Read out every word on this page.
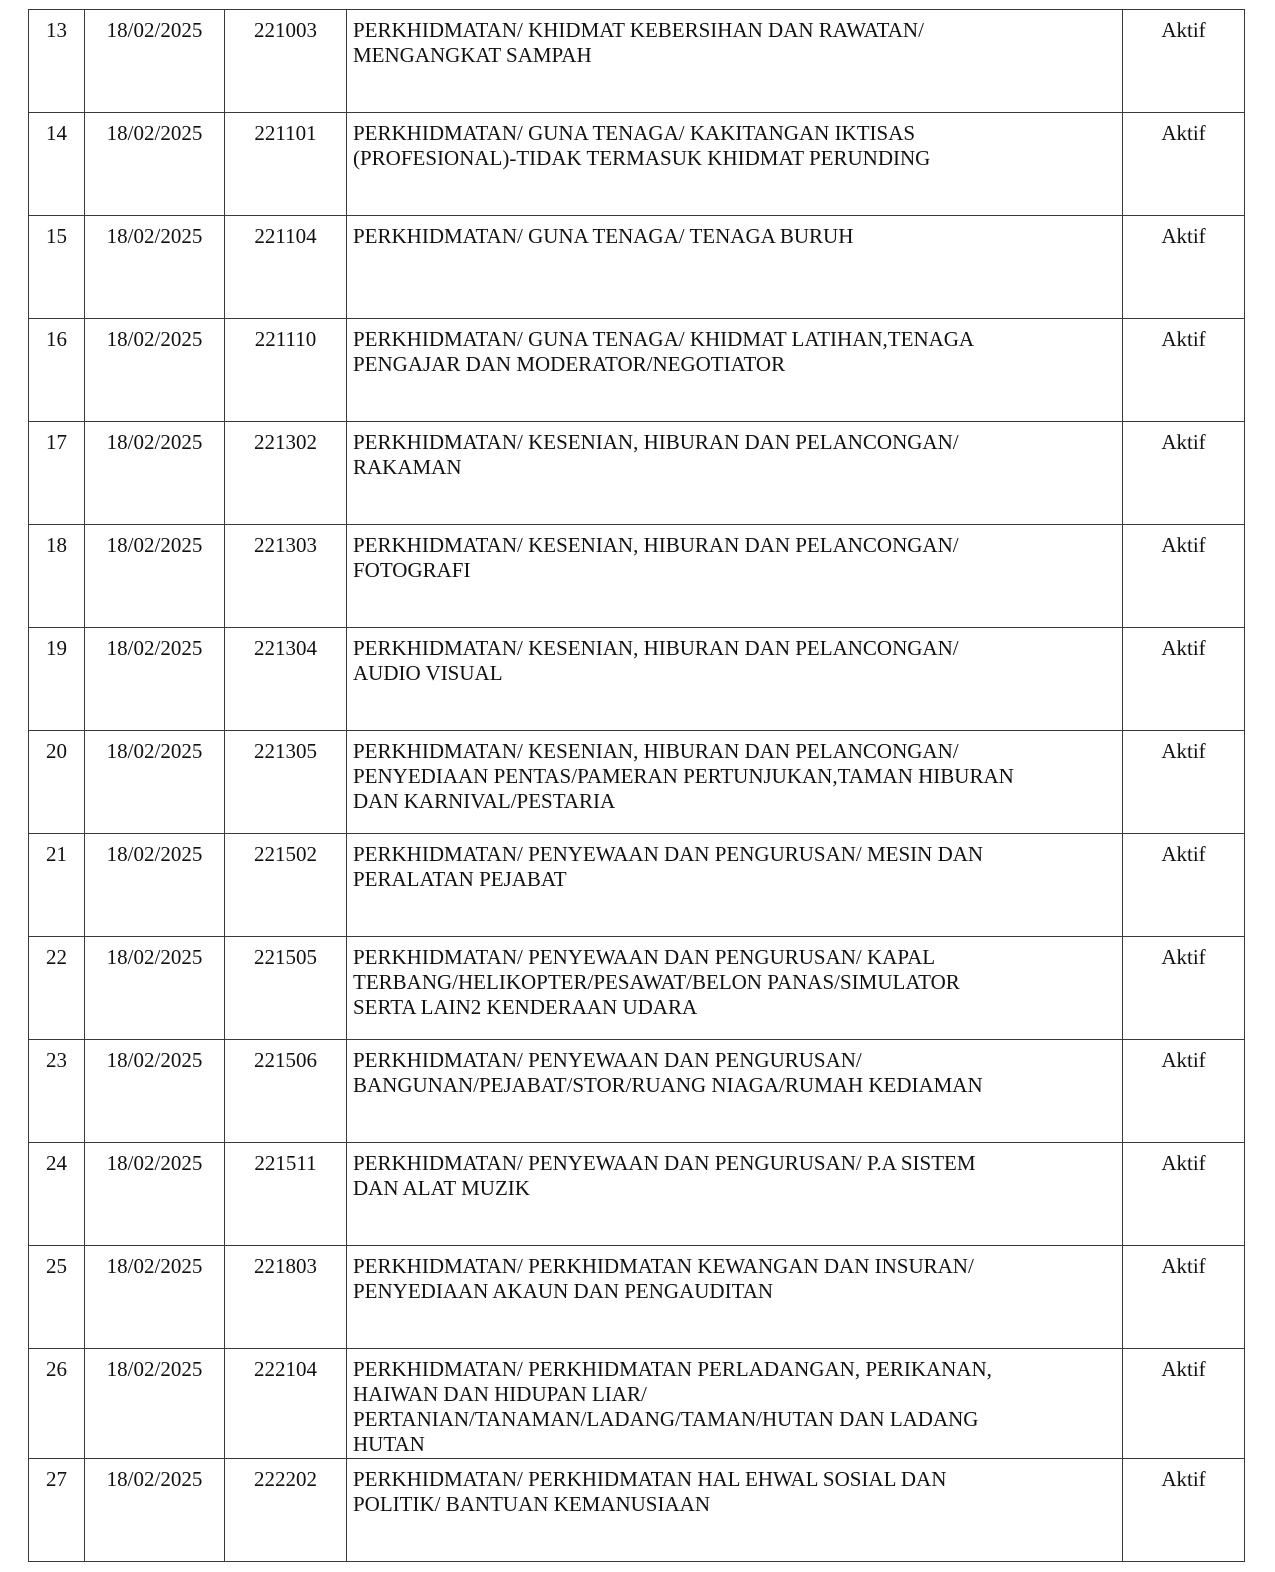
13	18/02/2025	221003	PERKHIDMATAN/ KHIDMAT KEBERSIHAN DAN RAWATAN/
MENGANGKAT SAMPAH	Aktif
14	18/02/2025	221101	PERKHIDMATAN/ GUNA TENAGA/ KAKITANGAN IKTISAS
(PROFESIONAL)-TIDAK TERMASUK KHIDMAT PERUNDING	Aktif
15	18/02/2025	221104	PERKHIDMATAN/ GUNA TENAGA/ TENAGA BURUH	Aktif
16	18/02/2025	221110	PERKHIDMATAN/ GUNA TENAGA/ KHIDMAT LATIHAN,TENAGA
PENGAJAR DAN MODERATOR/NEGOTIATOR	Aktif
17	18/02/2025	221302	PERKHIDMATAN/ KESENIAN, HIBURAN DAN PELANCONGAN/
RAKAMAN	Aktif
18	18/02/2025	221303	PERKHIDMATAN/ KESENIAN, HIBURAN DAN PELANCONGAN/
FOTOGRAFI	Aktif
19	18/02/2025	221304	PERKHIDMATAN/ KESENIAN, HIBURAN DAN PELANCONGAN/
AUDIO VISUAL	Aktif
20	18/02/2025	221305	PERKHIDMATAN/ KESENIAN, HIBURAN DAN PELANCONGAN/
PENYEDIAAN PENTAS/PAMERAN PERTUNJUKAN,TAMAN HIBURAN
DAN KARNIVAL/PESTARIA	Aktif
21	18/02/2025	221502	PERKHIDMATAN/ PENYEWAAN DAN PENGURUSAN/ MESIN DAN
PERALATAN PEJABAT	Aktif
22	18/02/2025	221505	PERKHIDMATAN/ PENYEWAAN DAN PENGURUSAN/ KAPAL
TERBANG/HELIKOPTER/PESAWAT/BELON PANAS/SIMULATOR
SERTA LAIN2 KENDERAAN UDARA	Aktif
23	18/02/2025	221506	PERKHIDMATAN/ PENYEWAAN DAN PENGURUSAN/
BANGUNAN/PEJABAT/STOR/RUANG NIAGA/RUMAH KEDIAMAN	Aktif
24	18/02/2025	221511	PERKHIDMATAN/ PENYEWAAN DAN PENGURUSAN/ P.A SISTEM
DAN ALAT MUZIK	Aktif
25	18/02/2025	221803	PERKHIDMATAN/ PERKHIDMATAN KEWANGAN DAN INSURAN/
PENYEDIAAN AKAUN DAN PENGAUDITAN	Aktif
26	18/02/2025	222104	PERKHIDMATAN/ PERKHIDMATAN PERLADANGAN, PERIKANAN,
HAIWAN DAN HIDUPAN LIAR/
PERTANIAN/TANAMAN/LADANG/TAMAN/HUTAN DAN LADANG
HUTAN	Aktif
27	18/02/2025	222202	PERKHIDMATAN/ PERKHIDMATAN HAL EHWAL SOSIAL DAN
POLITIK/ BANTUAN KEMANUSIAAN	Aktif
